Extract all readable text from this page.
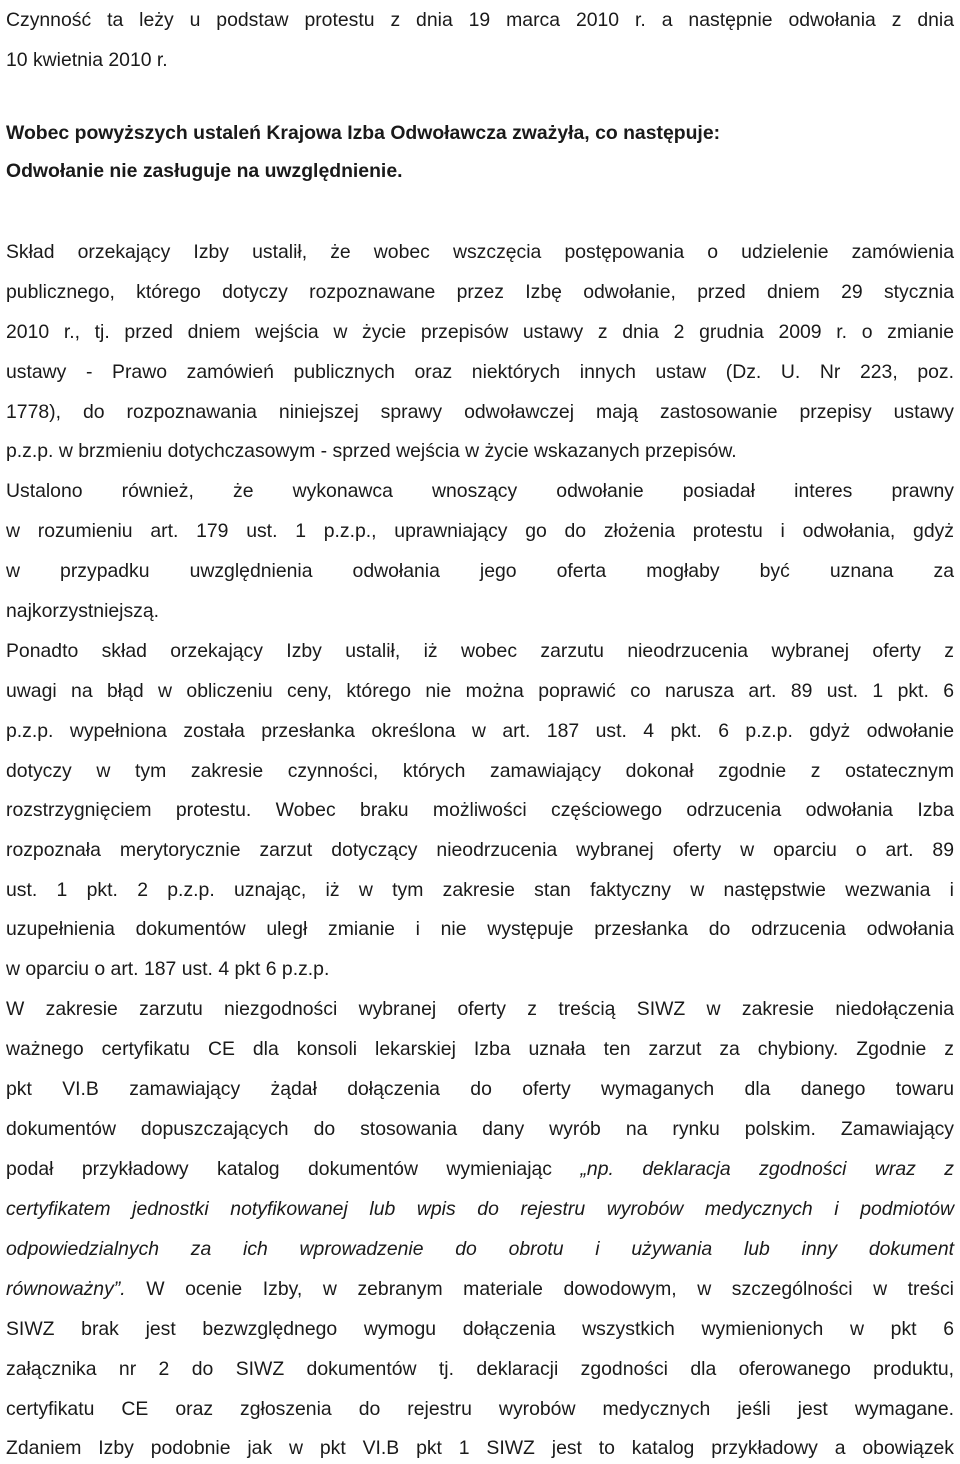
Czynność ta leży u podstaw protestu z dnia 19 marca 2010 r. a następnie odwołania z dnia
10 kwietnia 2010 r.
Wobec powyższych ustaleń Krajowa Izba Odwoławcza zważyła, co następuje:
Odwołanie nie zasługuje na uwzględnienie.
Skład orzekający Izby ustalił, że wobec wszczęcia postępowania o udzielenie zamówienia
publicznego, którego dotyczy rozpoznawane przez Izbę odwołanie, przed dniem 29 stycznia
2010 r., tj. przed dniem wejścia w życie przepisów ustawy z dnia 2 grudnia 2009 r. o zmianie
ustawy - Prawo zamówień publicznych oraz niektórych innych ustaw (Dz. U. Nr 223, poz.
1778), do rozpoznawania niniejszej sprawy odwoławczej mają zastosowanie przepisy ustawy
p.z.p. w brzmieniu dotychczasowym - sprzed wejścia w życie wskazanych przepisów.
Ustalono również, że wykonawca wnoszący odwołanie posiadał interes prawny
w rozumieniu art. 179 ust. 1 p.z.p., uprawniający go do złożenia protestu i odwołania, gdyż
w przypadku uwzględnienia odwołania jego oferta mogłaby być uznana za
najkorzystniejszą.
Ponadto skład orzekający Izby ustalił, iż wobec zarzutu nieodrzucenia wybranej oferty z
uwagi na błąd w obliczeniu ceny, którego nie można poprawić co narusza art. 89 ust. 1 pkt. 6
p.z.p. wypełniona została przesłanka określona w art. 187 ust. 4 pkt. 6 p.z.p. gdyż odwołanie
dotyczy w tym zakresie czynności, których zamawiający dokonał zgodnie z ostatecznym
rozstrzygnięciem protestu. Wobec braku możliwości częściowego odrzucenia odwołania Izba
rozpoznała merytorycznie zarzut dotyczący nieodrzucenia wybranej oferty w oparciu o art. 89
ust. 1 pkt. 2 p.z.p. uznając, iż w tym zakresie stan faktyczny w następstwie wezwania i
uzupełnienia dokumentów uległ zmianie i nie występuje przesłanka do odrzucenia odwołania
w oparciu o art. 187 ust. 4 pkt 6 p.z.p.
W zakresie zarzutu niezgodności wybranej oferty z treścią SIWZ w zakresie niedołączenia
ważnego certyfikatu CE dla konsoli lekarskiej Izba uznała ten zarzut za chybiony. Zgodnie z
pkt VI.B zamawiający żądał dołączenia do oferty wymaganych dla danego towaru
dokumentów dopuszczających do stosowania dany wyrób na rynku polskim. Zamawiający
podał przykładowy katalog dokumentów wymieniając „np. deklaracja zgodności wraz z
certyfikatem jednostki notyfikowanej lub wpis do rejestru wyrobów medycznych i podmiotów
odpowiedzialnych za ich wprowadzenie do obrotu i używania lub inny dokument
równoważny”. W ocenie Izby, w zebranym materiale dowodowym, w szczególności w treści
SIWZ brak jest bezwzględnego wymogu dołączenia wszystkich wymienionych w pkt 6
załącznika nr 2 do SIWZ dokumentów tj. deklaracji zgodności dla oferowanego produktu,
certyfikatu CE oraz zgłoszenia do rejestru wyrobów medycznych jeśli jest wymagane.
Zdaniem Izby podobnie jak w pkt VI.B pkt 1 SIWZ jest to katalog przykładowy a obowiązek
